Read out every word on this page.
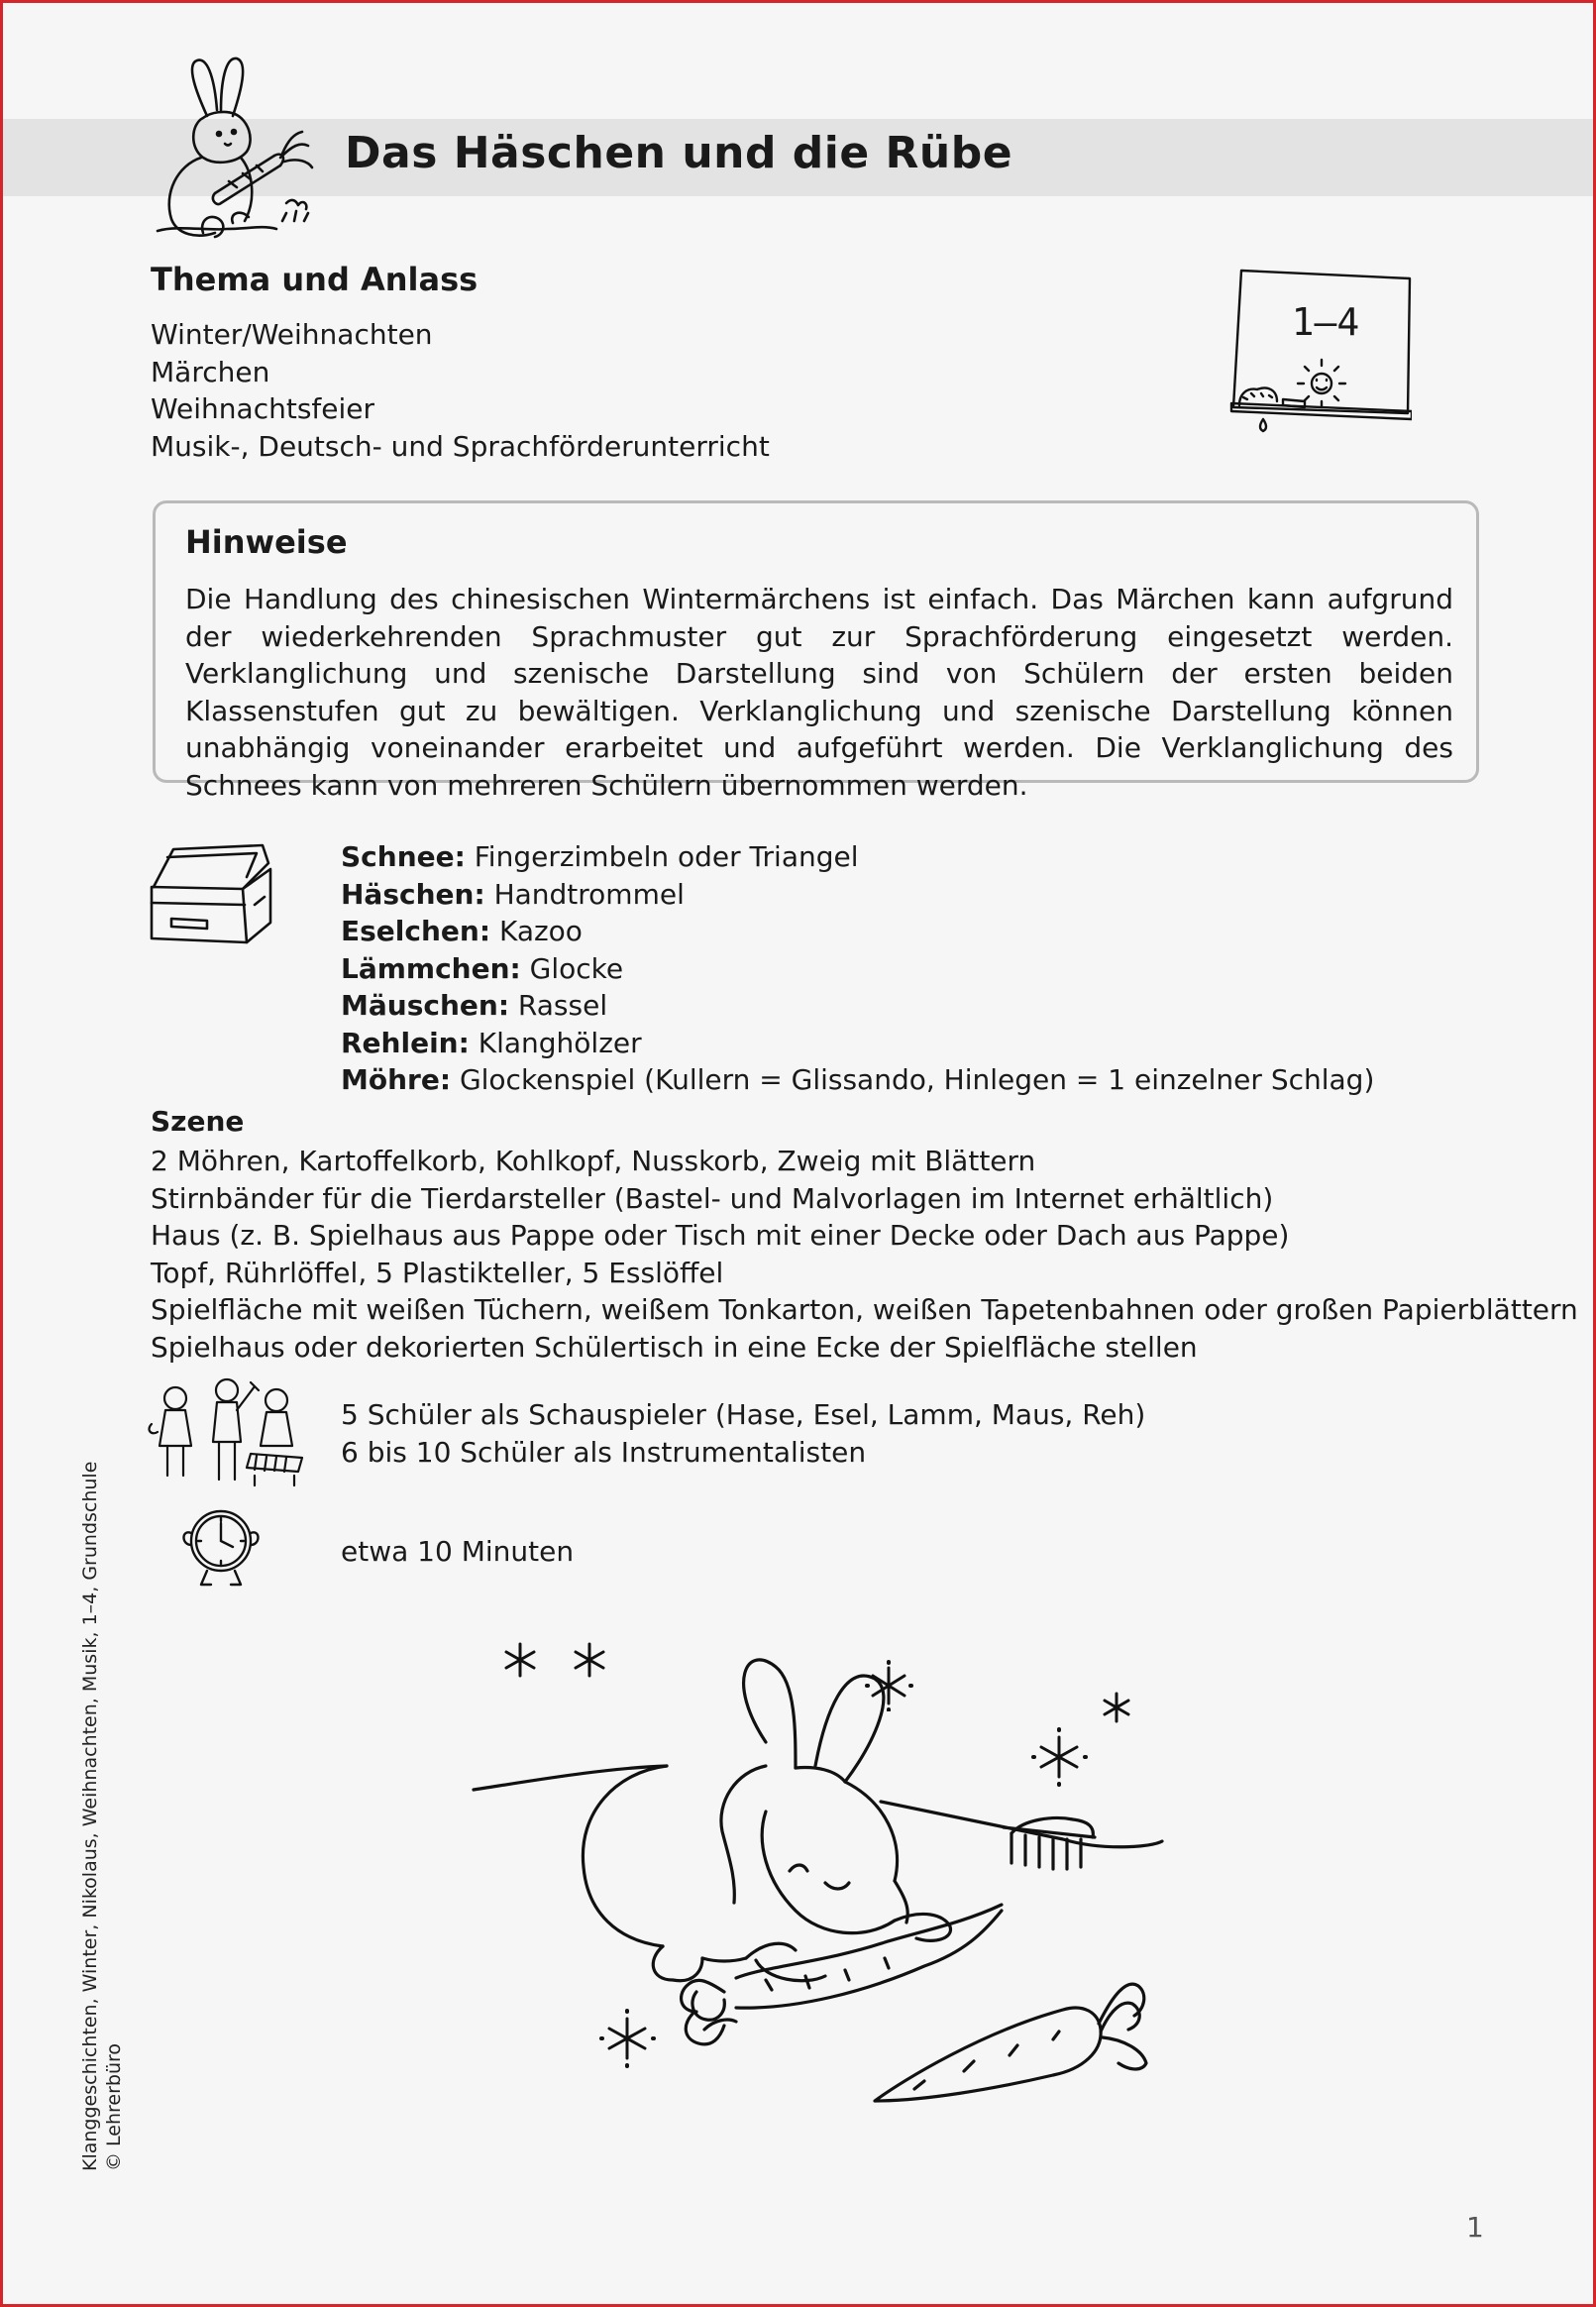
Das Häschen und die Rübe
Thema und Anlass
Winter/Weihnachten
Märchen
Weihnachtsfeier
Musik-, Deutsch- und Sprachförderunterricht
1–4
Hinweise
Die Handlung des chinesischen Wintermärchens ist einfach. Das Märchen kann aufgrund der wiederkehrenden Sprachmuster gut zur Sprachförderung eingesetzt werden. Verklanglichung und szenische Darstellung sind von Schülern der ersten beiden Klassenstufen gut zu bewältigen. Verklanglichung und szenische Darstellung können unabhängig voneinander erarbeitet und aufgeführt werden. Die Verklanglichung des Schnees kann von mehreren Schülern übernommen werden.
Schnee: Fingerzimbeln oder Triangel
Häschen: Handtrommel
Eselchen: Kazoo
Lämmchen: Glocke
Mäuschen: Rassel
Rehlein: Klanghölzer
Möhre: Glockenspiel (Kullern = Glissando, Hinlegen = 1 einzelner Schlag)
Szene
2 Möhren, Kartoffelkorb, Kohlkopf, Nusskorb, Zweig mit Blättern
Stirnbänder für die Tierdarsteller (Bastel- und Malvorlagen im Internet erhältlich)
Haus (z. B. Spielhaus aus Pappe oder Tisch mit einer Decke oder Dach aus Pappe)
Topf, Rührlöffel, 5 Plastikteller, 5 Esslöffel
Spielfläche mit weißen Tüchern, weißem Tonkarton, weißen Tapetenbahnen oder großen Papierblättern
Spielhaus oder dekorierten Schülertisch in eine Ecke der Spielfläche stellen
5 Schüler als Schauspieler (Hase, Esel, Lamm, Maus, Reh)
6 bis 10 Schüler als Instrumentalisten
etwa 10 Minuten
Klanggeschichten, Winter, Nikolaus, Weihnachten, Musik, 1–4, Grundschule © Lehrerbüro
1
